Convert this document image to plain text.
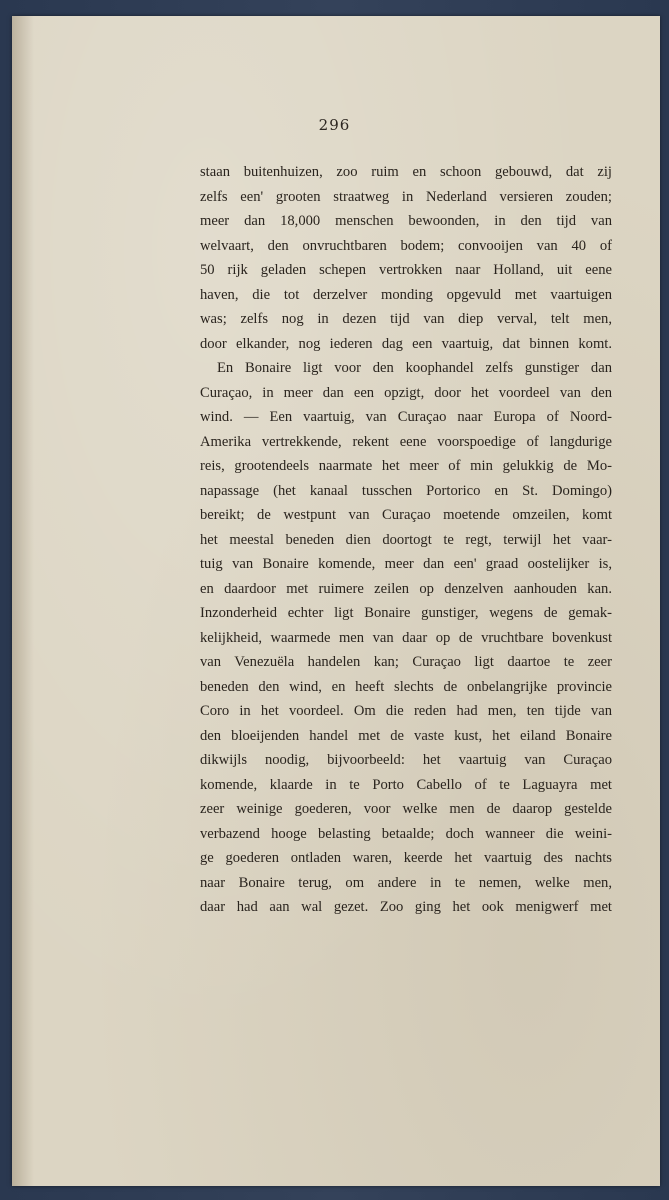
296
staan buitenhuizen, zoo ruim en schoon gebouwd, dat zij
zelfs een' grooten straatweg in Nederland versieren zouden;
meer dan 18,000 menschen bewoonden, in den tijd van
welvaart, den onvruchtbaren bodem; convooijen van 40 of
50 rijk geladen schepen vertrokken naar Holland, uit eene
haven, die tot derzelver monding opgevuld met vaartuigen
was; zelfs nog in dezen tijd van diep verval, telt men,
door elkander, nog iederen dag een vaartuig, dat binnen komt.
En Bonaire ligt voor den koophandel zelfs gunstiger dan
Curaçao, in meer dan een opzigt, door het voordeel van den
wind. — Een vaartuig, van Curaçao naar Europa of Noord-
Amerika vertrekkende, rekent eene voorspoedige of langdurige
reis, grootendeels naarmate het meer of min gelukkig de Mo-
napassage (het kanaal tusschen Portorico en St. Domingo)
bereikt; de westpunt van Curaçao moetende omzeilen, komt
het meestal beneden dien doortogt te regt, terwijl het vaar-
tuig van Bonaire komende, meer dan een' graad oostelijker is,
en daardoor met ruimere zeilen op denzelven aanhouden kan.
Inzonderheid echter ligt Bonaire gunstiger, wegens de gemak-
kelijkheid, waarmede men van daar op de vruchtbare bovenkust
van Venezuëla handelen kan; Curaçao ligt daartoe te zeer
beneden den wind, en heeft slechts de onbelangrijke provincie
Coro in het voordeel. Om die reden had men, ten tijde van
den bloeijenden handel met de vaste kust, het eiland Bonaire
dikwijls noodig, bijvoorbeeld: het vaartuig van Curaçao
komende, klaarde in te Porto Cabello of te Laguayra met
zeer weinige goederen, voor welke men de daarop gestelde
verbazend hooge belasting betaalde; doch wanneer die weini-
ge goederen ontladen waren, keerde het vaartuig des nachts
naar Bonaire terug, om andere in te nemen, welke men,
daar had aan wal gezet. Zoo ging het ook menigwerf met
